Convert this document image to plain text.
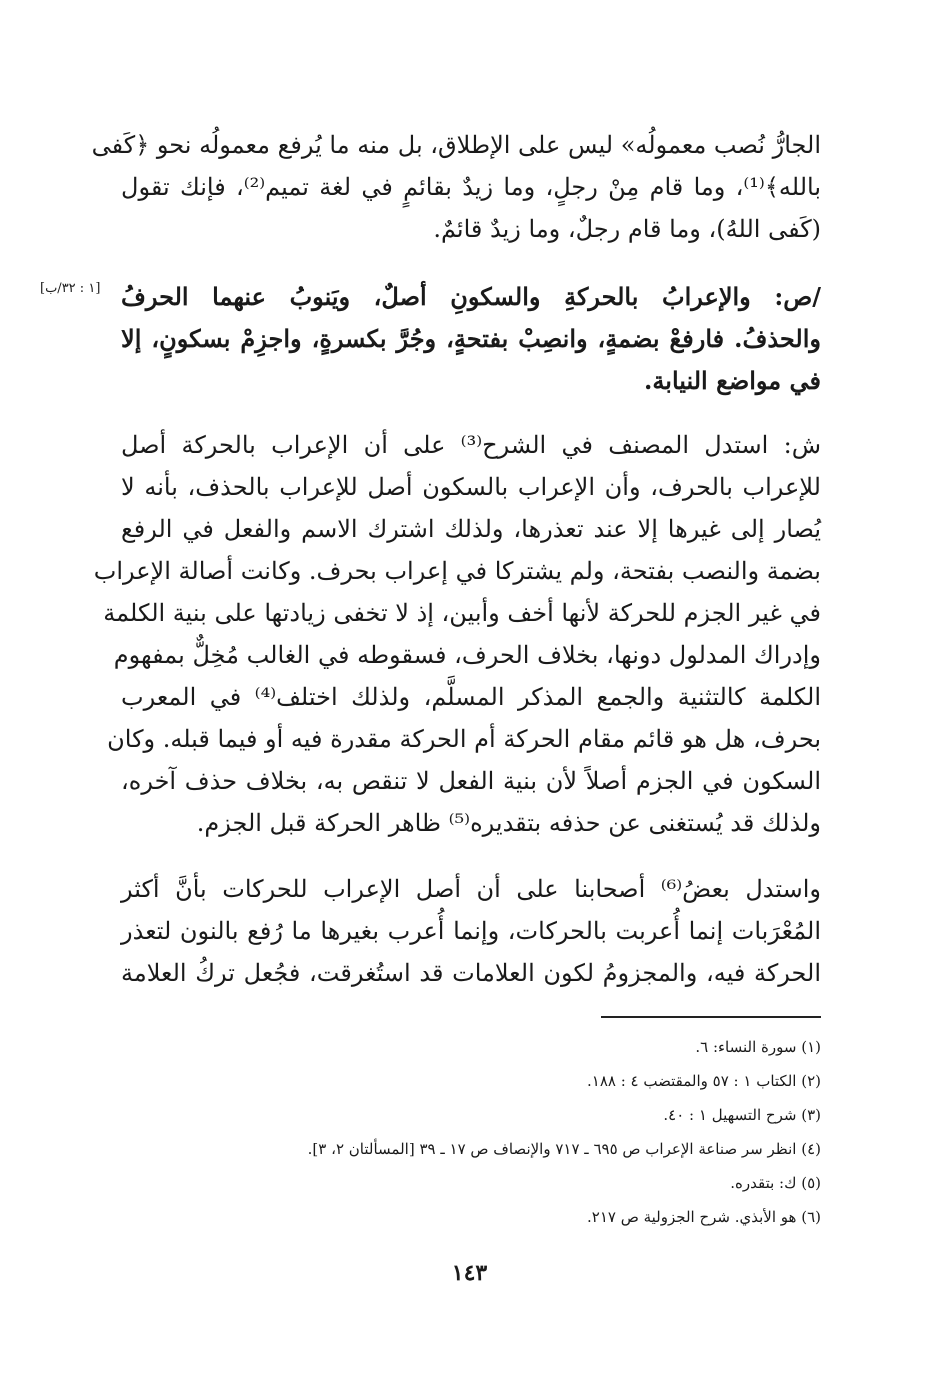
الجارُّ نُصب معمولُه» ليس على الإطلاق، بل منه ما يُرفع معمولُه نحو ﴿كَفى
بالله﴾⁽¹⁾، وما قام مِنْ رجلٍ، وما زيدٌ بقائمٍ في لغة تميم⁽²⁾، فإنك تقول
(كَفى اللهُ)، وما قام رجلٌ، وما زيدٌ قائمٌ.
[١ : ٣٢/ب] /ص: والإعرابُ بالحركةِ والسكونِ أصلٌ، ويَنوبُ عنهما الحرفُ
والحذفُ. فارفعْ بضمةٍ، وانصِبْ بفتحةٍ، وجُرَّ بكسرةٍ، واجزِمْ بسكونٍ، إلا
في مواضع النيابة.
ش: استدل المصنف في الشرح⁽³⁾ على أن الإعراب بالحركة أصل
للإعراب بالحرف، وأن الإعراب بالسكون أصل للإعراب بالحذف، بأنه لا
يُصار إلى غيرها إلا عند تعذرها، ولذلك اشترك الاسم والفعل في الرفع
بضمة والنصب بفتحة، ولم يشتركا في إعراب بحرف. وكانت أصالة الإعراب
في غير الجزم للحركة لأنها أخف وأبين، إذ لا تخفى زيادتها على بنية الكلمة
وإدراك المدلول دونها، بخلاف الحرف، فسقوطه في الغالب مُخِلٌّ بمفهوم
الكلمة كالتثنية والجمع المذكر المسلَّم، ولذلك اختلف⁽⁴⁾ في المعرب
بحرف، هل هو قائم مقام الحركة أم الحركة مقدرة فيه أو فيما قبله. وكان
السكون في الجزم أصلاً لأن بنية الفعل لا تنقص به، بخلاف حذف آخره،
ولذلك قد يُستغنى عن حذفه بتقديره⁽⁵⁾ ظاهر الحركة قبل الجزم.
واستدل بعضُ⁽⁶⁾ أصحابنا على أن أصل الإعراب للحركات بأنَّ أكثر
المُعْرَبات إنما أُعربت بالحركات، وإنما أُعرب بغيرها ما رُفع بالنون لتعذر
الحركة فيه، والمجزومُ لكون العلامات قد استُغرقت، فجُعل تركُ العلامة
(١) سورة النساء: ٦.
(٢) الكتاب ١ : ٥٧ والمقتضب ٤ : ١٨٨.
(٣) شرح التسهيل ١ : ٤٠.
(٤) انظر سر صناعة الإعراب ص ٦٩٥ ـ ٧١٧ والإنصاف ص ١٧ ـ ٣٩ [المسألتان ٢، ٣].
(٥) ك: بتقدره.
(٦) هو الأبذي. شرح الجزولية ص ٢١٧.
١٤٣
